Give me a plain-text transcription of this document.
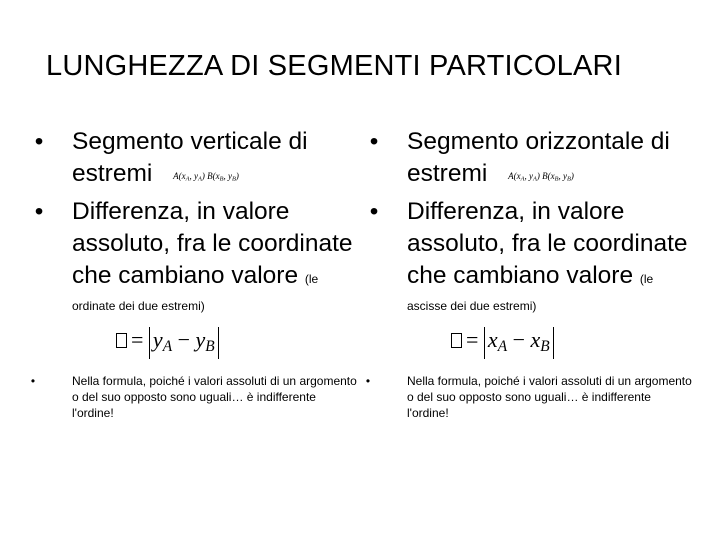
LUNGHEZZA DI SEGMENTI PARTICOLARI
• Segmento verticale di estremi $A(x_A$, $y_A$) $B(x_B$, $y_B$)
• Differenza, in valore assoluto, fra le coordinate che cambiano valore (le
ordinate dei due estremi)
= $y_A - y_B$
•	Nella formula, poiché i valori assoluti di un argomento o del suo opposto sono uguali… è indifferente l'ordine!
• Segmento orizzontale di estremi $A(x_A$, $y_A$) $B(x_B$, $y_B$)
• Differenza, in valore assoluto, fra le coordinate che cambiano valore (le
ascisse dei due estremi)
= $x_A - x_B$
•	Nella formula, poiché i valori assoluti di un argomento o del suo opposto sono uguali… è indifferente l'ordine!
